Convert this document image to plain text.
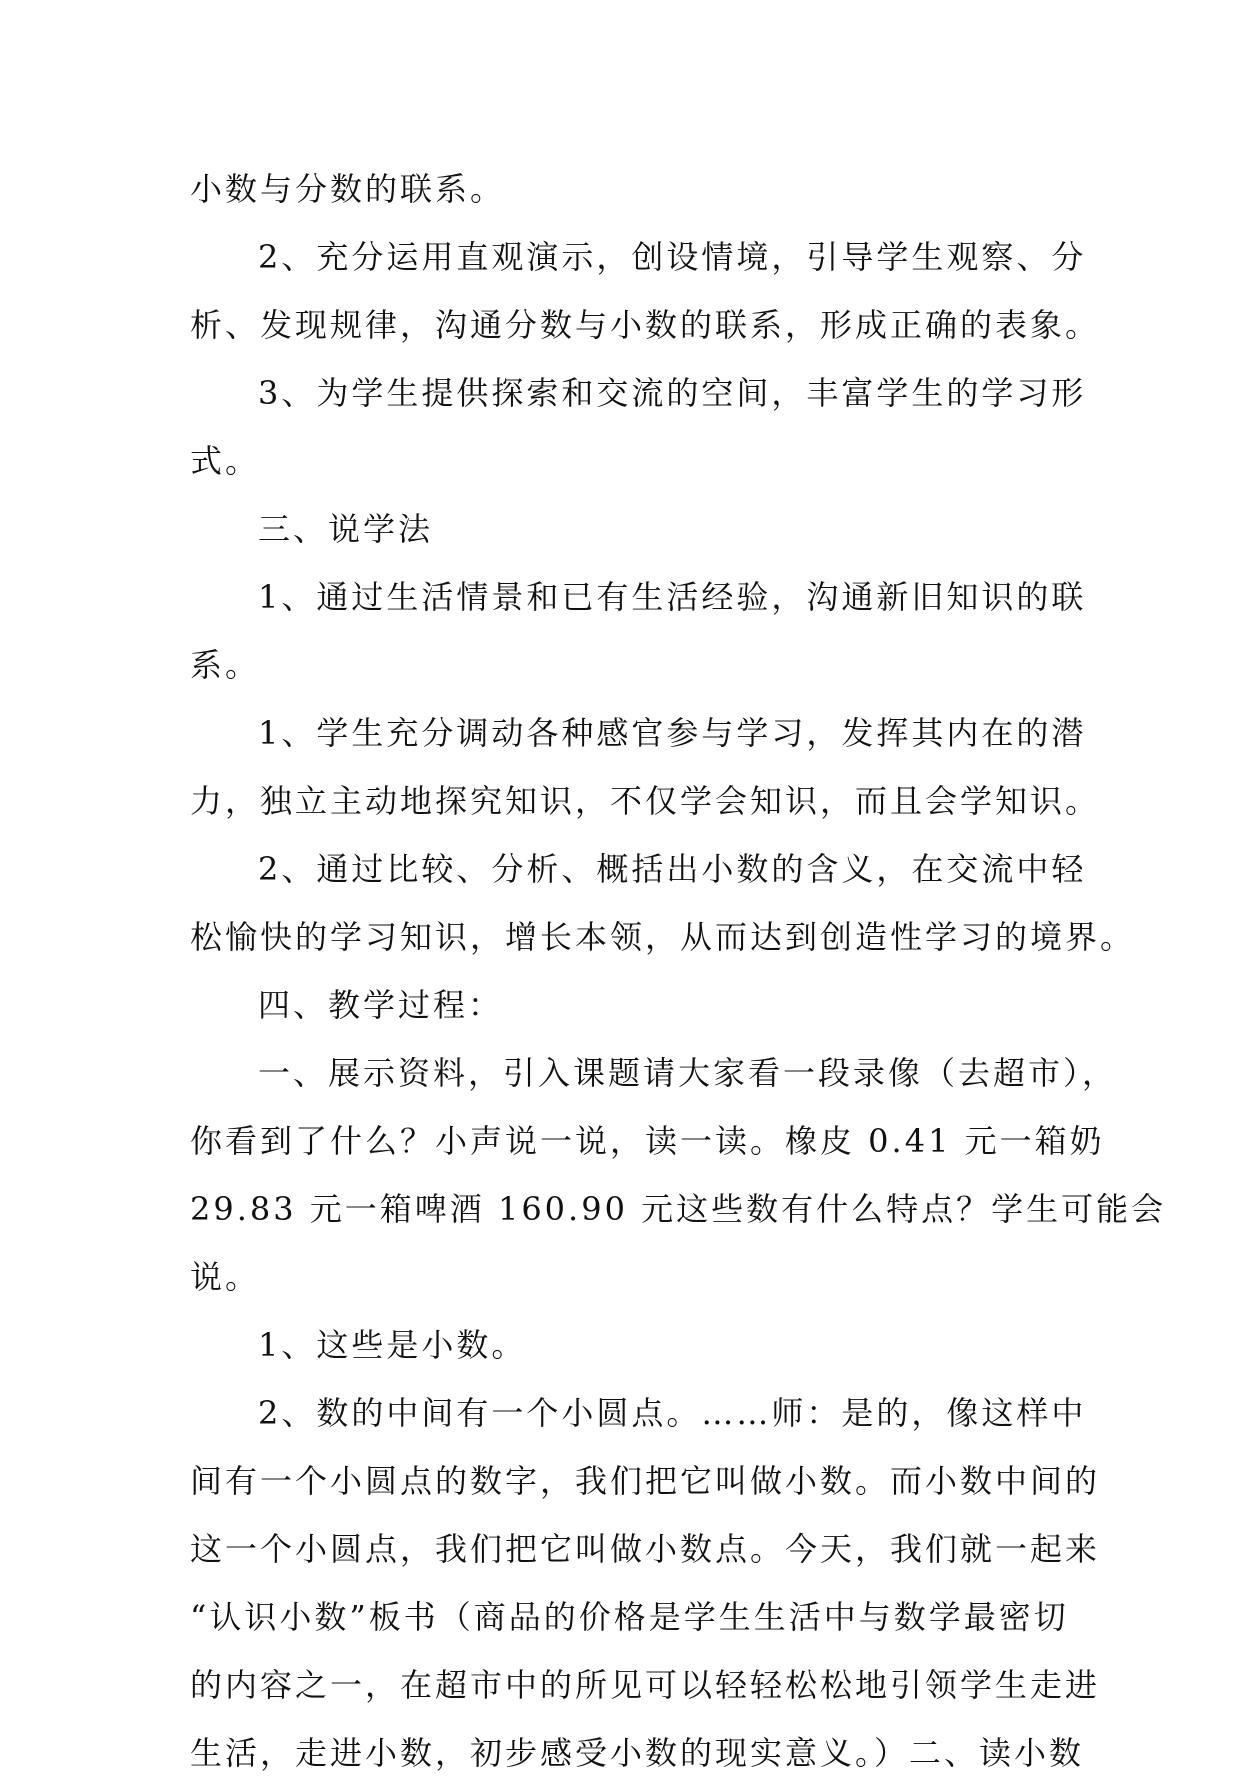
小数与分数的联系。
2、充分运用直观演示，创设情境，引导学生观察、分
析、发现规律，沟通分数与小数的联系，形成正确的表象。
3、为学生提供探索和交流的空间，丰富学生的学习形
式。
三、说学法
1、通过生活情景和已有生活经验，沟通新旧知识的联
系。
1、学生充分调动各种感官参与学习，发挥其内在的潜
力，独立主动地探究知识，不仅学会知识，而且会学知识。
2、通过比较、分析、概括出小数的含义，在交流中轻
松愉快的学习知识，增长本领，从而达到创造性学习的境界。
四、教学过程：
一、展示资料，引入课题请大家看一段录像（去超市），
你看到了什么？小声说一说，读一读。橡皮 0.41 元一箱奶
29.83 元一箱啤酒 160.90 元这些数有什么特点？学生可能会
说。
1、这些是小数。
2、数的中间有一个小圆点。……师：是的，像这样中
间有一个小圆点的数字，我们把它叫做小数。而小数中间的
这一个小圆点，我们把它叫做小数点。今天，我们就一起来
“认识小数”板书（商品的价格是学生生活中与数学最密切
的内容之一，在超市中的所见可以轻轻松松地引领学生走进
生活，走进小数，初步感受小数的现实意义。）二、读小数
